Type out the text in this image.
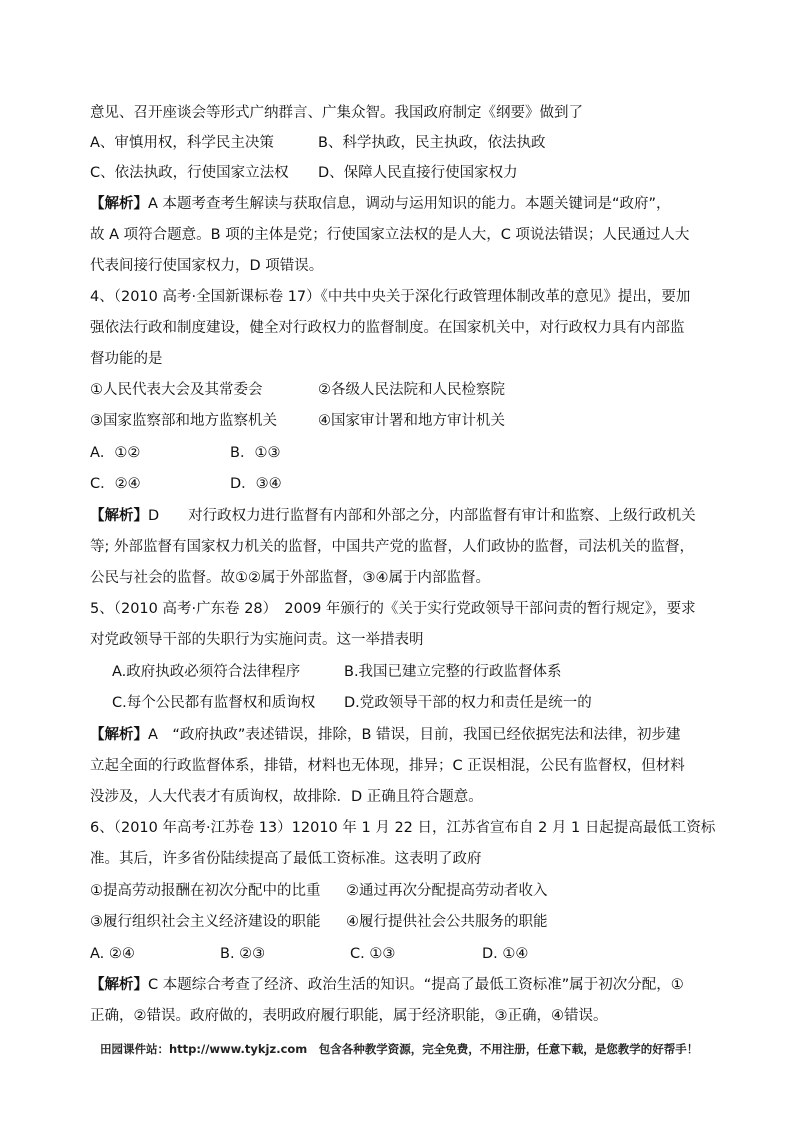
意见、召开座谈会等形式广纳群言、广集众智。我国政府制定《纲要》做到了
A、审慎用权，科学民主决策	B、科学执政，民主执政，依法执政
C、依法执政，行使国家立法权 D、保障人民直接行使国家权力
【解析】A 本题考查考生解读与获取信息，调动与运用知识的能力。本题关键词是“政府”，
故 A 项符合题意。B 项的主体是党；行使国家立法权的是人大，C 项说法错误；人民通过人大
代表间接行使国家权力，D 项错误。
4、（2010 高考·全国新课标卷 17）《中共中央关于深化行政管理体制改革的意见》提出，要加
强依法行政和制度建设，健全对行政权力的监督制度。在国家机关中，对行政权力具有内部监
督功能的是
①人民代表大会及其常委会	②各级人民法院和人民检察院
③国家监察部和地方监察机关	④国家审计署和地方审计机关
A．①②	B．①③
C．②④	D．③④
【解析】D　　对行政权力进行监督有内部和外部之分，内部监督有审计和监察、上级行政机关
等; 外部监督有国家权力机关的监督，中国共产党的监督，人们政协的监督，司法机关的监督，
公民与社会的监督。故①②属于外部监督，③④属于内部监督。
5、（2010 高考·广东卷 28）　2009 年颁行的《关于实行党政领导干部问责的暂行规定》，要求
对党政领导干部的失职行为实施问责。这一举措表明
A.政府执政必须符合法律程序	B.我国已建立完整的行政监督体系
C.每个公民都有监督权和质询权 D.党政领导干部的权力和责任是统一的
【解析】A　“政府执政”表述错误，排除，B 错误，目前，我国已经依据宪法和法律，初步建
立起全面的行政监督体系，排错，材料也无体现，排异；C 正误相混，公民有监督权，但材料
没涉及，人大代表才有质询权，故排除．D 正确且符合题意。
6、（2010 年高考·江苏卷 13）12010 年 1 月 22 日，江苏省宣布自 2 月 1 日起提高最低工资标
准。其后，许多省份陆续提高了最低工资标准。这表明了政府
①提高劳动报酬在初次分配中的比重 ②通过再次分配提高劳动者收入
③履行组织社会主义经济建设的职能 ④履行提供社会公共服务的职能
A. ②④	B. ②③	C. ①③	D. ①④
【解析】C 本题综合考查了经济、政治生活的知识。“提高了最低工资标准”属于初次分配，①
正确，②错误。政府做的，表明政府履行职能，属于经济职能，③正确，④错误。
田园课件站：http://www.tykjz.com　包含各种教学资源，完全免费，不用注册，任意下载，是您教学的好帮手！
